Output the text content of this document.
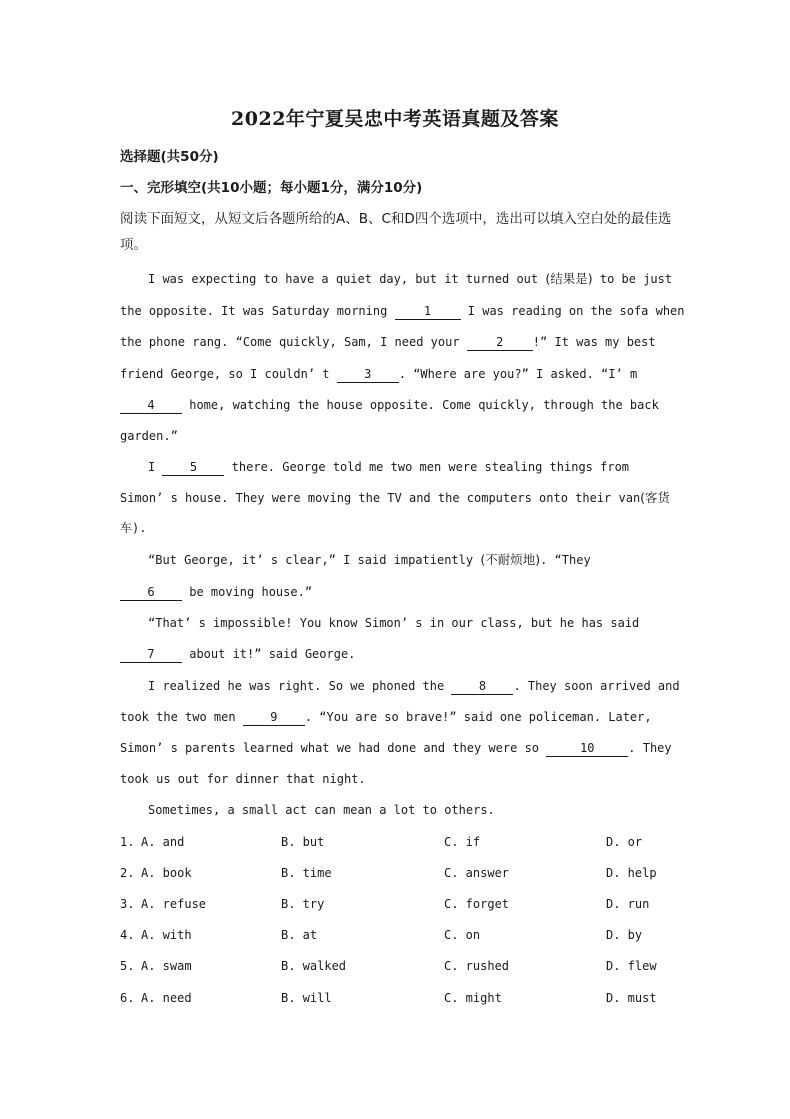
2022年宁夏吴忠中考英语真题及答案
选择题(共50分)
一、完形填空(共10小题；每小题1分，满分10分)
阅读下面短文，从短文后各题所给的A、B、C和D四个选项中，选出可以填入空白处的最佳选项。
I was expecting to have a quiet day, but it turned out (结果是) to be just
the opposite. It was Saturday morning 1 I was reading on the sofa when
the phone rang. “Come quickly, Sam, I need your 2 !” It was my best
friend George, so I couldn’ t 3 . “Where are you?” I asked. “I’ m
4 home, watching the house opposite. Come quickly, through the back
garden.”
I 5 there. George told me two men were stealing things from
Simon’ s house. They were moving the TV and the computers onto their van(客货
车).
“But George, it’ s clear,” I said impatiently (不耐烦地). “They
6 be moving house.”
“That’ s impossible! You know Simon’ s in our class, but he has said
7 about it!” said George.
I realized he was right. So we phoned the 8 . They soon arrived and
took the two men 9 . “You are so brave!” said one policeman. Later,
Simon’ s parents learned what we had done and they were so	10	. They
took us out for dinner that night.
Sometimes, a small act can mean a lot to others.
1. A. and	B. but	C. if	D. or
2. A. book	B. time	C. answer	D. help
3. A. refuse	B. try	C. forget	D. run
4. A. with	B. at	C. on	D. by
5. A. swam	B. walked	C. rushed	D. flew
6. A. need	B. will	C. might	D. must
